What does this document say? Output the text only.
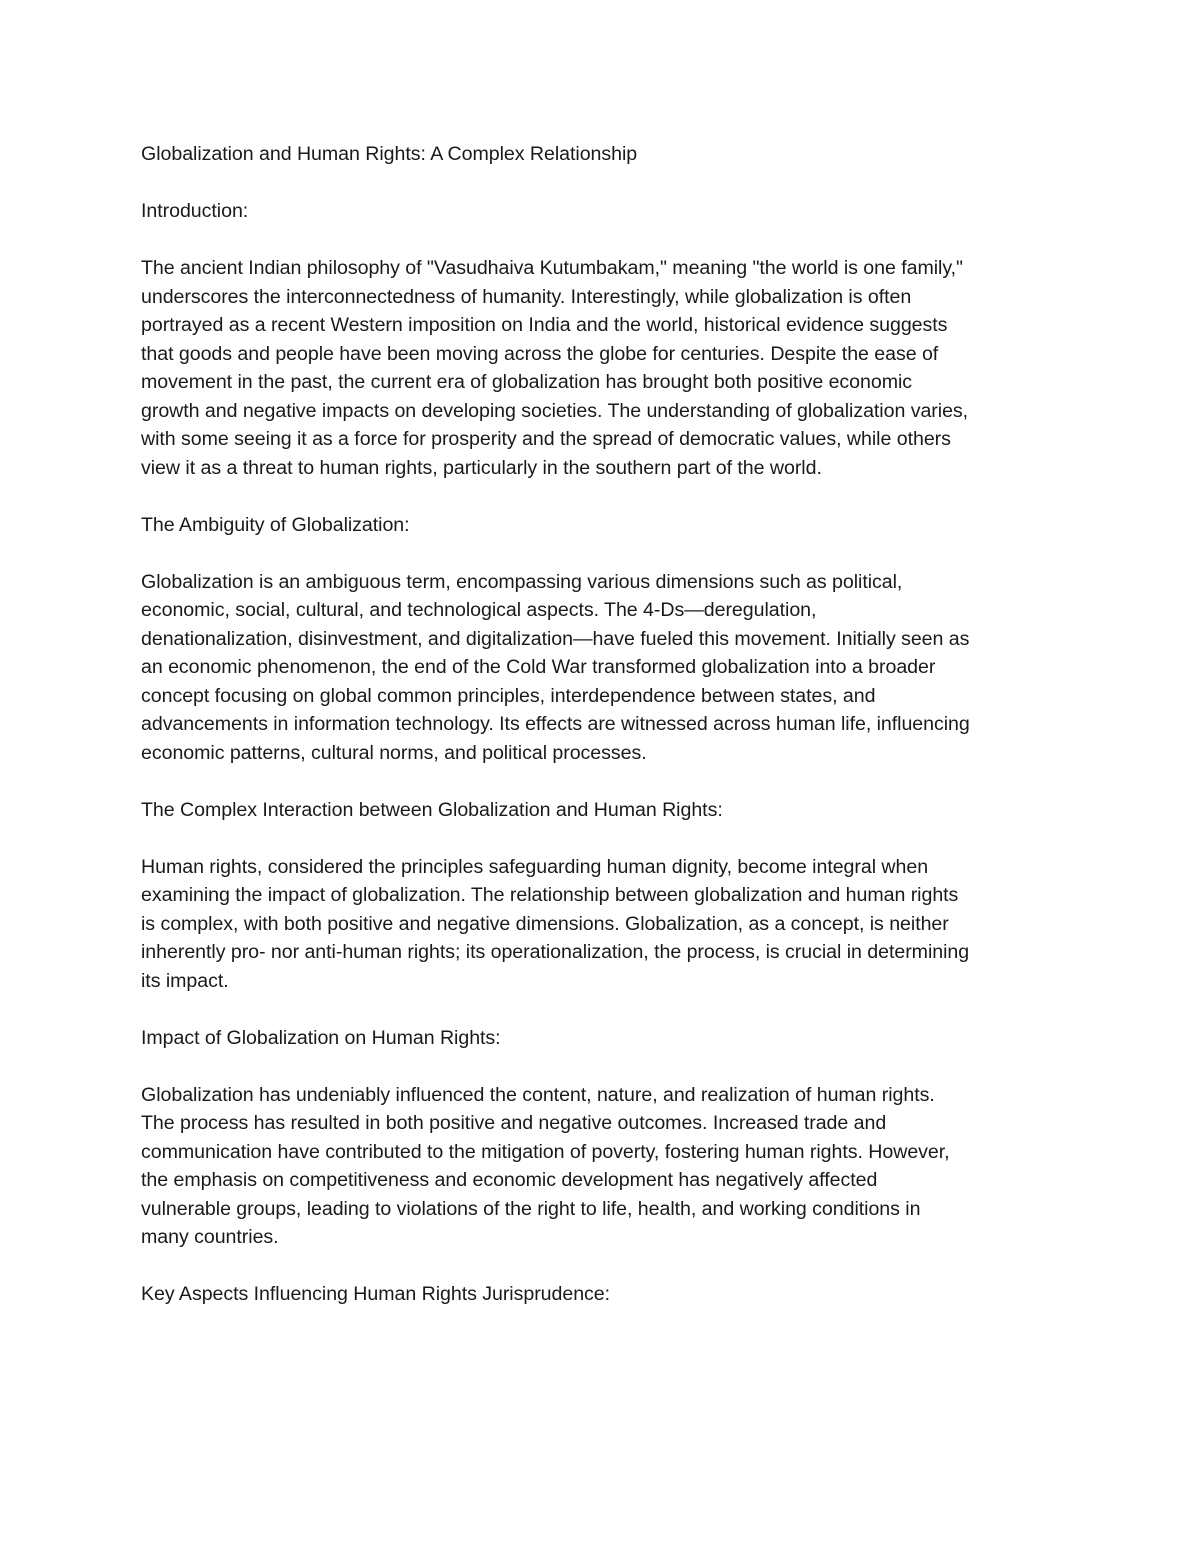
Globalization and Human Rights: A Complex Relationship

Introduction:

The ancient Indian philosophy of "Vasudhaiva Kutumbakam," meaning "the world is one family,"
underscores the interconnectedness of humanity. Interestingly, while globalization is often
portrayed as a recent Western imposition on India and the world, historical evidence suggests
that goods and people have been moving across the globe for centuries. Despite the ease of
movement in the past, the current era of globalization has brought both positive economic
growth and negative impacts on developing societies. The understanding of globalization varies,
with some seeing it as a force for prosperity and the spread of democratic values, while others
view it as a threat to human rights, particularly in the southern part of the world.

The Ambiguity of Globalization:

Globalization is an ambiguous term, encompassing various dimensions such as political,
economic, social, cultural, and technological aspects. The 4-Ds—deregulation,
denationalization, disinvestment, and digitalization—have fueled this movement. Initially seen as
an economic phenomenon, the end of the Cold War transformed globalization into a broader
concept focusing on global common principles, interdependence between states, and
advancements in information technology. Its effects are witnessed across human life, influencing
economic patterns, cultural norms, and political processes.

The Complex Interaction between Globalization and Human Rights:

Human rights, considered the principles safeguarding human dignity, become integral when
examining the impact of globalization. The relationship between globalization and human rights
is complex, with both positive and negative dimensions. Globalization, as a concept, is neither
inherently pro- nor anti-human rights; its operationalization, the process, is crucial in determining
its impact.

Impact of Globalization on Human Rights:

Globalization has undeniably influenced the content, nature, and realization of human rights.
The process has resulted in both positive and negative outcomes. Increased trade and
communication have contributed to the mitigation of poverty, fostering human rights. However,
the emphasis on competitiveness and economic development has negatively affected
vulnerable groups, leading to violations of the right to life, health, and working conditions in
many countries.

Key Aspects Influencing Human Rights Jurisprudence:
